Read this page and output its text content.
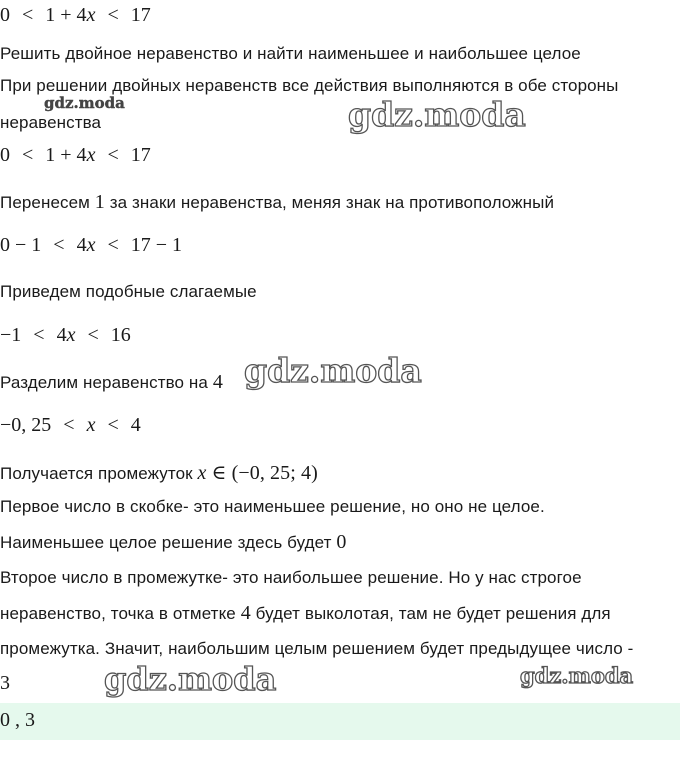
0 < 1 + 4x < 17
Решить двойное неравенство и найти наименьшее и наибольшее целое
При решении двойных неравенств все действия выполняются в обе стороны
неравенства
0 < 1 + 4x < 17
Перенесем 1 за знаки неравенства, меняя знак на противоположный
0 − 1 < 4x < 17 − 1
Приведем подобные слагаемые
−1 < 4x < 16
Разделим неравенство на 4
−0, 25 < x < 4
Получается промежуток x ∈ (−0, 25; 4)
Первое число в скобке- это наименьшее решение, но оно не целое.
Наименьшее целое решение здесь будет 0
Второе число в промежутке- это наибольшее решение. Но у нас строгое
неравенство, точка в отметке 4 будет выколотая, там не будет решения для
промежутка. Значит, наибольшим целым решением будет предыдущее число -
3
0 , 3
gdz.moda	gdz.moda
gdz.moda
gdz.moda	gdz.moda
